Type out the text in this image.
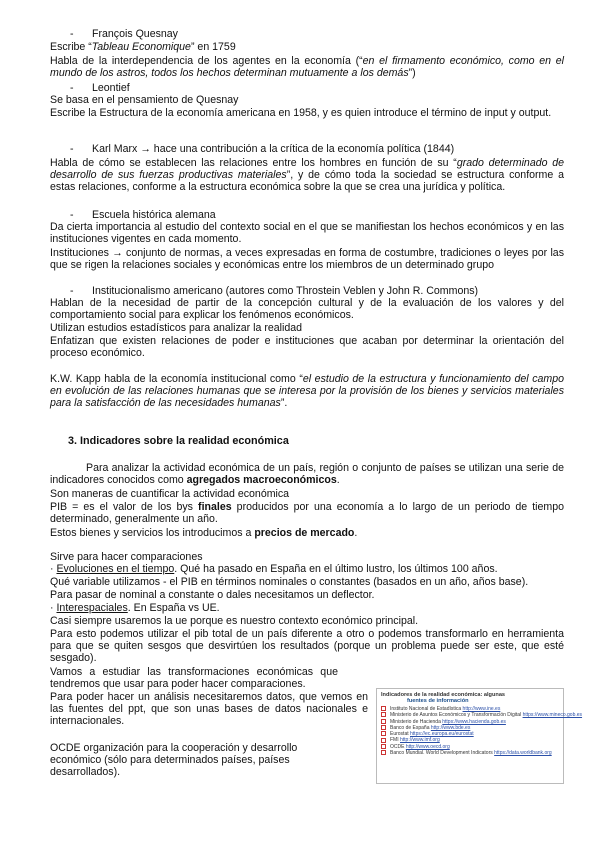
- François Quesnay
Escribe “Tableau Economique” en 1759
Habla de la interdependencia de los agentes en la economía (“en el firmamento económico, como en el mundo de los astros, todos los hechos determinan mutuamente a los demás”)
- Leontief
Se basa en el pensamiento de Quesnay
Escribe la Estructura de la economía americana en 1958, y es quien introduce el término de input y output.
- Karl Marx → hace una contribución a la crítica de la economía política (1844)
Habla de cómo se establecen las relaciones entre los hombres en función de su “grado determinado de desarrollo de sus fuerzas productivas materiales”, y de cómo toda la sociedad se estructura conforme a estas relaciones, conforme a la estructura económica sobre la que se crea una jurídica y política.
- Escuela histórica alemana
Da cierta importancia al estudio del contexto social en el que se manifiestan los hechos económicos y en las instituciones vigentes en cada momento.
Instituciones → conjunto de normas, a veces expresadas en forma de costumbre, tradiciones o leyes por las que se rigen la relaciones sociales y económicas entre los miembros de un determinado grupo
- Institucionalismo americano (autores como Throstein Veblen y John R. Commons)
Hablan de la necesidad de partir de la concepción cultural y de la evaluación de los valores y del comportamiento social para explicar los fenómenos económicos.
Utilizan estudios estadísticos para analizar la realidad
Enfatizan que existen relaciones de poder e instituciones que acaban por determinar la orientación del proceso económico.
K.W. Kapp habla de la economía institucional como “el estudio de la estructura y funcionamiento del campo en evolución de las relaciones humanas que se interesa por la provisión de los bienes y servicios materiales para la satisfacción de las necesidades humanas”.
3. Indicadores sobre la realidad económica
Para analizar la actividad económica de un país, región o conjunto de países se utilizan una serie de indicadores conocidos como agregados macroeconómicos.
Son maneras de cuantificar la actividad económica
PIB = es el valor de los bys finales producidos por una economía a lo largo de un periodo de tiempo determinado, generalmente un año.
Estos bienes y servicios los introducimos a precios de mercado.
Sirve para hacer comparaciones
· Evoluciones en el tiempo. Qué ha pasado en España en el último lustro, los últimos 100 años.
Qué variable utilizamos - el PIB en términos nominales o constantes (basados en un año, años base).
Para pasar de nominal a constante o dales necesitamos un deflector.
· Interespaciales. En España vs UE.
Casi siempre usaremos la ue porque es nuestro contexto económico principal.
Para esto podemos utilizar el pib total de un país diferente a otro o podemos transformarlo en herramienta para que se quiten sesgos que desvirtúen los resultados (porque un problema puede ser este, que esté sesgado).
Vamos a estudiar las transformaciones económicas que tendremos que usar para poder hacer comparaciones.
Para poder hacer un análisis necesitaremos datos, que vemos en las fuentes del ppt, que son unas bases de datos nacionales e internacionales.
OCDE organización para la cooperación y desarrollo económico (sólo para determinados países, países desarrollados).
Indicadores de la realidad económica: algunas
fuentes de información
Instituto Nacional de Estadística http://www.ine.es
Ministerio de Asuntos Económicos y Transformación Digital https://www.mineco.gob.es
Ministerio de Hacienda https://www.hacienda.gob.es
Banco de España http://www.bde.es
Eurostat https://ec.europa.eu/eurostat
FMI http://www.imf.org
OCDE http://www.oecd.org
Banco Mundial. World Development Indicators https://data.worldbank.org
